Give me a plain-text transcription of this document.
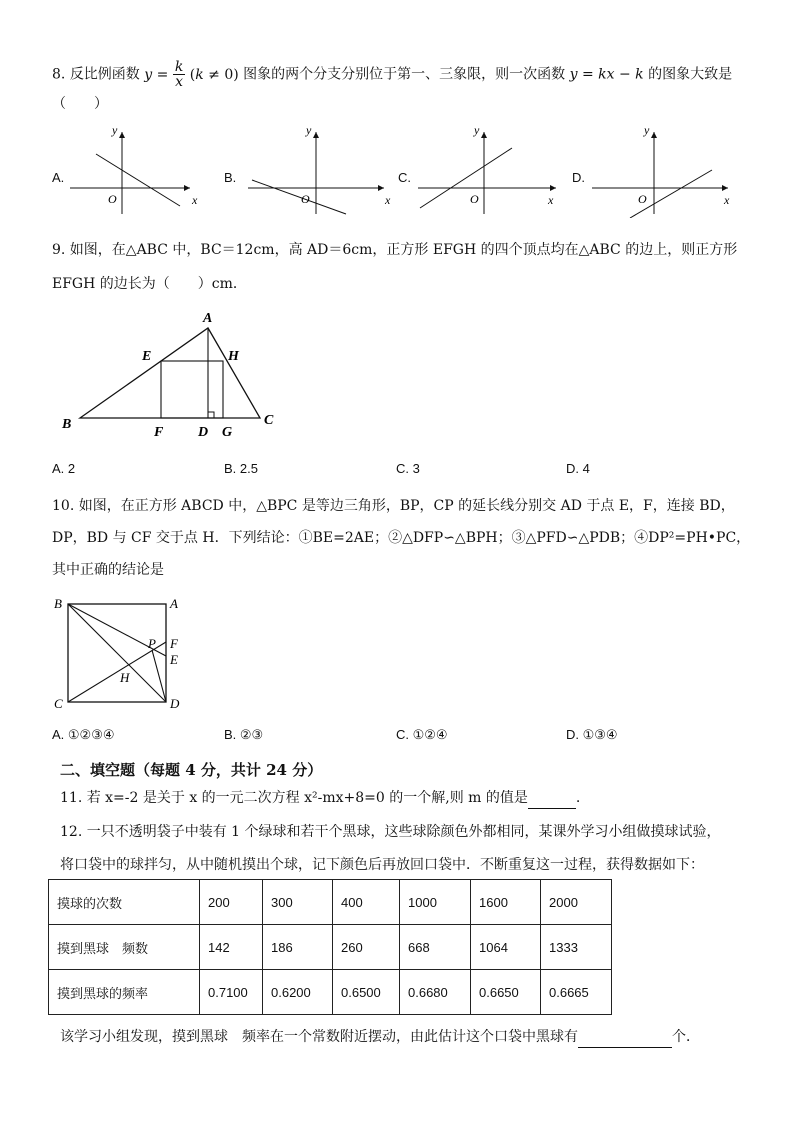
8. 反比例函数 $y = \frac{k}{x} (k \ne 0)$ 图象的两个分支分别位于第一、三象限，则一次函数 y = kx − k 的图象大致是
（　　）
A.	B.	C.	D.
y
x
O
y
x
O
y
x
O
y
x
O
9. 如图，在△ABC 中，BC＝12cm，高 AD＝6cm，正方形 EFGH 的四个顶点均在△ABC 的边上，则正方形
EFGH 的边长为（　　）cm．
A
E	H
B	C
F D G
A. 2	B. 2.5	C. 3	D. 4
10. 如图，在正方形 ABCD 中，△BPC 是等边三角形，BP，CP 的延长线分别交 AD 于点 E，F，连接 BD，
DP，BD 与 CF 交于点 H．下列结论：①BE=2AE；②△DFP∽△BPH；③△PFD∽△PDB；④DP²=PH•PC，
其中正确的结论是
B	A
C	D
P F
E
H
A. ①②③④	B. ②③	C. ①②④	D. ①③④
二、填空题（每题 4 分，共计 24 分）
11. 若 x=-2 是关于 x 的一元二次方程 x²-mx+8=0 的一个解,则 m 的值是	.
12. 一只不透明袋子中装有 1 个绿球和若干个黑球，这些球除颜色外都相同，某课外学习小组做摸球试验，
将口袋中的球拌匀，从中随机摸出个球，记下颜色后再放回口袋中．不断重复这一过程，获得数据如下：
摸球的次数	200	300	400	1000	1600	2000
摸到黑球　频数	142	186	260	668	1064	1333
摸到黑球的频率	0.7100	0.6200	0.6500	0.6680	0.6650	0.6665
该学习小组发现，摸到黑球　频率在一个常数附近摆动，由此估计这个口袋中黑球有	个．
